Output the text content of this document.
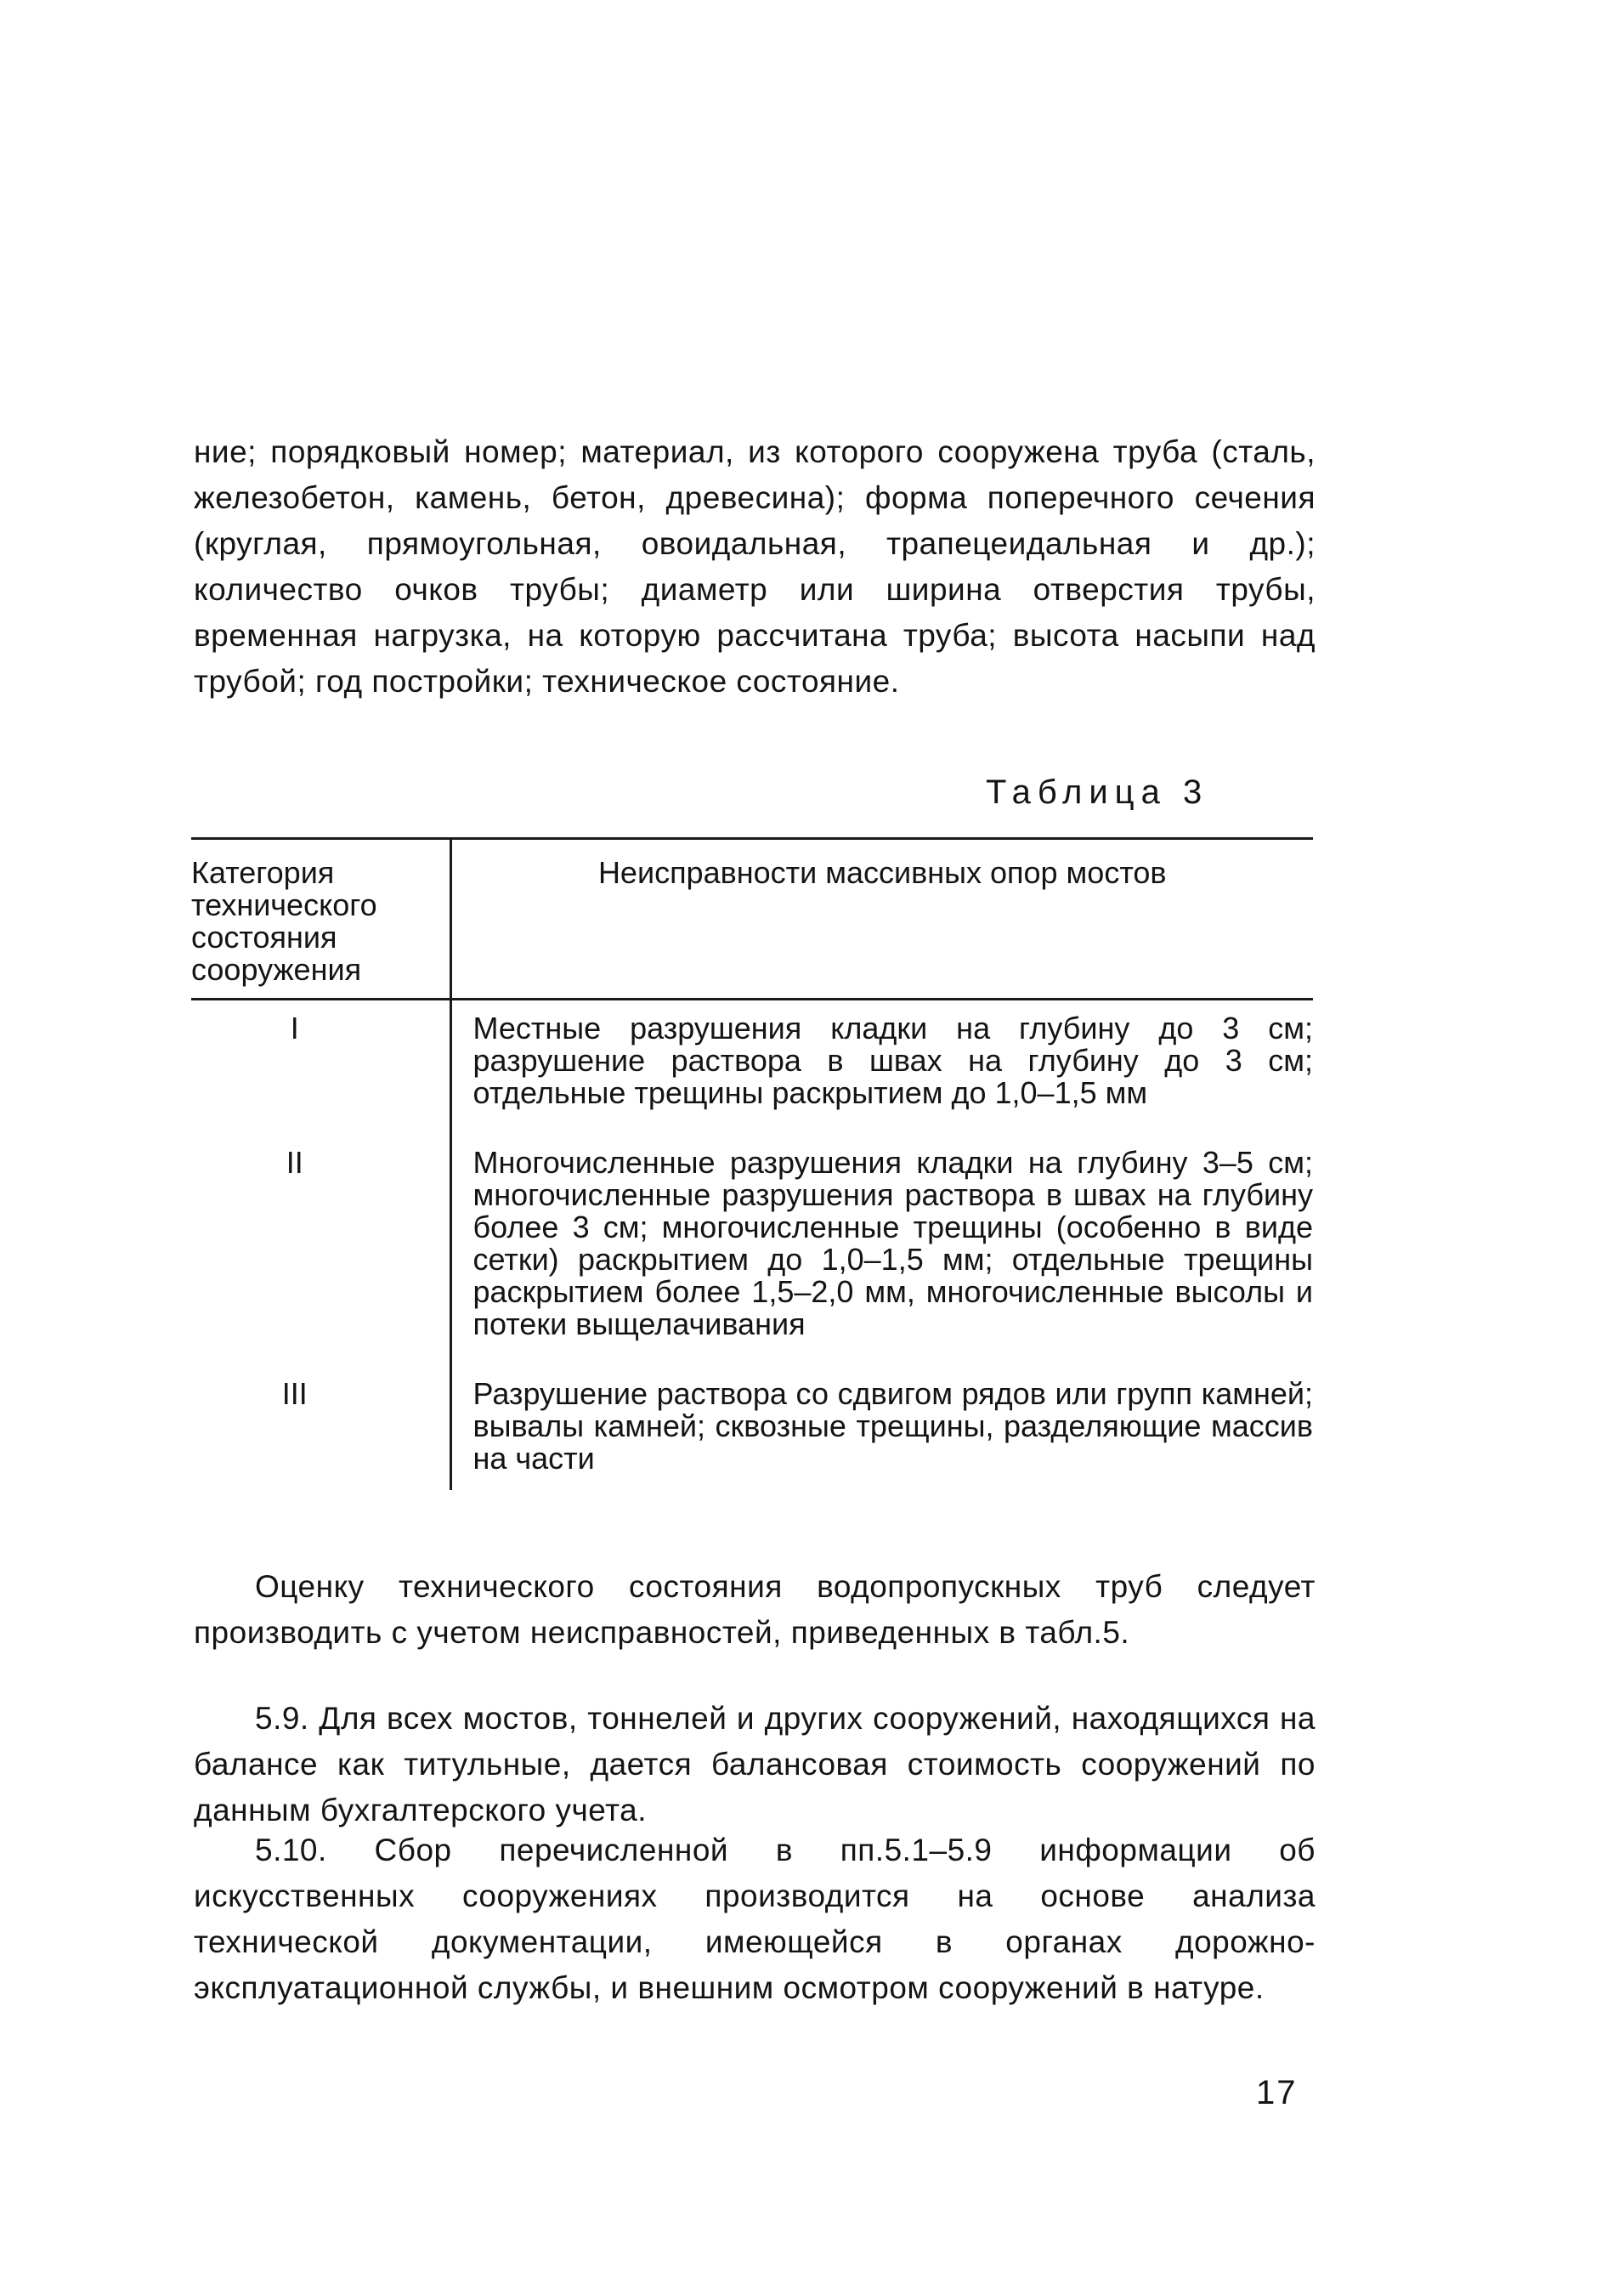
ние; порядковый номер; материал, из которого сооружена труба (сталь, железобетон, камень, бетон, древесина); форма поперечного сечения (круглая, прямоугольная, овоидальная, трапецеидальная и др.); количество очков трубы; диаметр или ширина отверстия трубы, временная нагрузка, на которую рассчитана труба; высота насыпи над трубой; год постройки; техническое состояние.

Таблица 3
Категория технического состояния сооружения	Неисправности массивных опор мостов
I	Местные разрушения кладки на глубину до 3 см; разрушение раствора в швах на глубину до 3 см; отдельные трещины раскрытием до 1,0–1,5 мм
II	Многочисленные разрушения кладки на глубину 3–5 см; многочисленные разрушения раствора в швах на глубину более 3 см; многочисленные трещины (особенно в виде сетки) раскрытием до 1,0–1,5 мм; отдельные трещины раскрытием более 1,5–2,0 мм, многочисленные высолы и потеки выщелачивания
III	Разрушение раствора со сдвигом рядов или групп камней; вывалы камней; сквозные трещины, разделяющие массив на части

Оценку технического состояния водопропускных труб следует производить с учетом неисправностей, приведенных в табл.5.

5.9. Для всех мостов, тоннелей и других сооружений, находящихся на балансе как титульные, дается балансовая стоимость сооружений по данным бухгалтерского учета.

5.10. Сбор перечисленной в пп.5.1–5.9 информации об искусственных сооружениях производится на основе анализа технической документации, имеющейся в органах дорожно-эксплуатационной службы, и внешним осмотром сооружений в натуре.

17
